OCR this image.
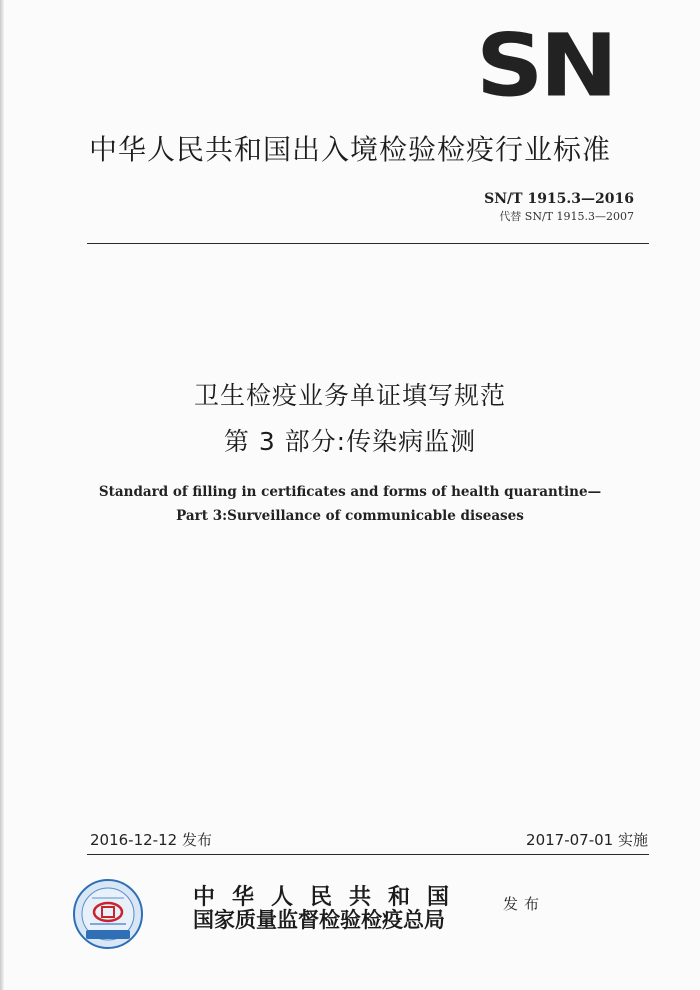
SN
中华人民共和国出入境检验检疫行业标准
SN/T 1915.3—2016
代替 SN/T 1915.3—2007
卫生检疫业务单证填写规范
第 3 部分:传染病监测
Standard of filling in certificates and forms of health quarantine—
Part 3:Surveillance of communicable diseases
2016-12-12 发布	2017-07-01 实施
中华人民共和国
国家质量监督检验检疫总局
发布
